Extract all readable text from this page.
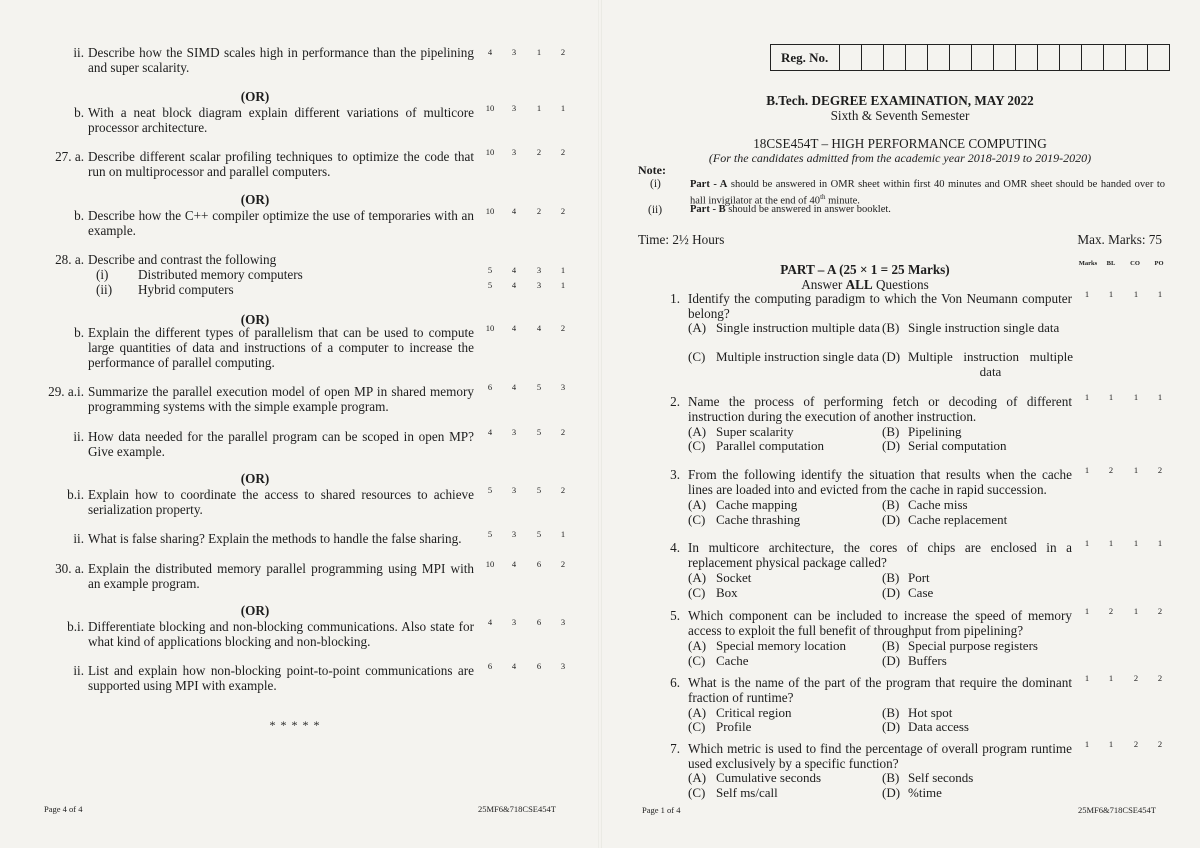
ii. Describe how the SIMD scales high in performance than the pipelining and super scalarity.
4	3	1	2
(OR)
b. With a neat block diagram explain different variations of multicore processor architecture.
10	3	1	1
27. a. Describe different scalar profiling techniques to optimize the code that run on multiprocessor and parallel computers.
10	3	2	2
(OR)
b. Describe how the C++ compiler optimize the use of temporaries with an example.
10	4	2	2
28. a. Describe and contrast the following
(i)	Distributed memory computers
(ii)	Hybrid computers
5	4	3	1
5	4	3	1
(OR)
b. Explain the different types of parallelism that can be used to compute large quantities of data and instructions of a computer to increase the performance of parallel computing.
10	4	4	2
29. a.i. Summarize the parallel execution model of open MP in shared memory programming systems with the simple example program.
6	4	5	3
ii. How data needed for the parallel program can be scoped in open MP? Give example.
4	3	5	2
(OR)
b.i. Explain how to coordinate the access to shared resources to achieve serialization property.
5	3	5	2
ii. What is false sharing? Explain the methods to handle the false sharing.	5	3	5	1
30. a. Explain the distributed memory parallel programming using MPI with an example program.
10	4	6	2
(OR)
b.i. Differentiate blocking and non-blocking communications. Also state for what kind of applications blocking and non-blocking.
4	3	6	3
ii. List and explain how non-blocking point-to-point communications are supported using MPI with example.
6	4	6	3
* * * * *
Page 4 of 4	25MF6&718CSE454T
Reg. No.
B.Tech. DEGREE EXAMINATION, MAY 2022
Sixth & Seventh Semester
18CSE454T – HIGH PERFORMANCE COMPUTING
(For the candidates admitted from the academic year 2018-2019 to 2019-2020)
Note:
(i)	Part - A should be answered in OMR sheet within first 40 minutes and OMR sheet should be handed over to hall invigilator at the end of 40th minute.
(ii)	Part - B should be answered in answer booklet.
Time: 2½ Hours	Max. Marks: 75
PART – A (25 × 1 = 25 Marks)
Answer ALL Questions
Marks	BL	CO	PO
1. Identify the computing paradigm to which the Von Neumann computer belong?
1	1	1	1
(A) Single instruction multiple data (B) Single instruction single data
(C) Multiple instruction single data (D) Multiple instruction multiple data
2. Name the process of performing fetch or decoding of different instruction during the execution of another instruction.
1	1	1	1
(A) Super scalarity	(B) Pipelining
(C) Parallel computation	(D) Serial computation
3. From the following identify the situation that results when the cache lines are loaded into and evicted from the cache in rapid succession.
1	2	1	2
(A) Cache mapping	(B) Cache miss
(C) Cache thrashing	(D) Cache replacement
4. In multicore architecture, the cores of chips are enclosed in a replacement physical package called?
1	1	1	1
(A) Socket	(B) Port
(C) Box	(D) Case
5. Which component can be included to increase the speed of memory access to exploit the full benefit of throughput from pipelining?
1	2	1	2
(A) Special memory location	(B) Special purpose registers
(C) Cache	(D) Buffers
6. What is the name of the part of the program that require the dominant fraction of runtime?
1	1	2	2
(A) Critical region	(B) Hot spot
(C) Profile	(D) Data access
7. Which metric is used to find the percentage of overall program runtime used exclusively by a specific function?
1	1	2	2
(A) Cumulative seconds	(B) Self seconds
(C) Self ms/call	(D) %time
Page 1 of 4	25MF6&718CSE454T
